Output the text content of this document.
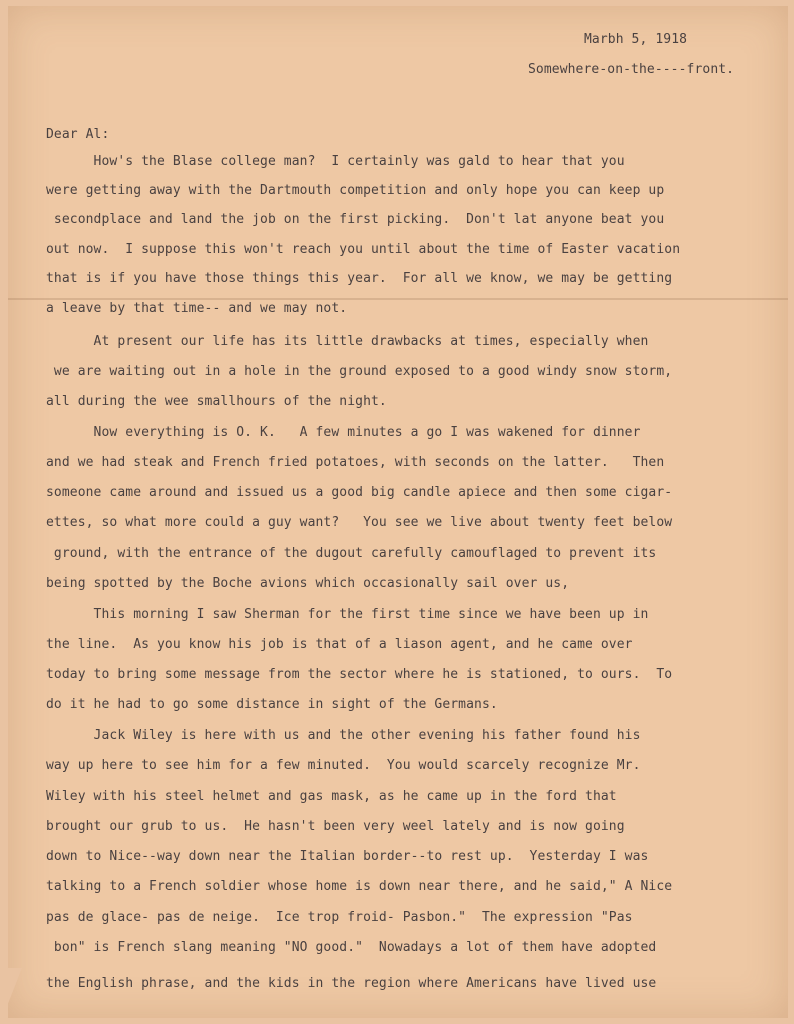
Marbh 5, 1918
Somewhere-on-the----front.
Dear Al:
How's the Blase college man?  I certainly was gald to hear that you
were getting away with the Dartmouth competition and only hope you can keep up
secondplace and land the job on the first picking.  Don't lat anyone beat you
out now.  I suppose this won't reach you until about the time of Easter vacation
that is if you have those things this year.  For all we know, we may be getting
a leave by that time-- and we may not.
At present our life has its little drawbacks at times, especially when
we are waiting out in a hole in the ground exposed to a good windy snow storm,
all during the wee smallhours of the night.
Now everything is O. K.   A few minutes a go I was wakened for dinner
and we had steak and French fried potatoes, with seconds on the latter.   Then
someone came around and issued us a good big candle apiece and then some cigar-
ettes, so what more could a guy want?   You see we live about twenty feet below
ground, with the entrance of the dugout carefully camouflaged to prevent its
being spotted by the Boche avions which occasionally sail over us,
This morning I saw Sherman for the first time since we have been up in
the line.  As you know his job is that of a liason agent, and he came over
today to bring some message from the sector where he is stationed, to ours.  To
do it he had to go some distance in sight of the Germans.
Jack Wiley is here with us and the other evening his father found his
way up here to see him for a few minuted.  You would scarcely recognize Mr.
Wiley with his steel helmet and gas mask, as he came up in the ford that
brought our grub to us.  He hasn't been very weel lately and is now going
down to Nice--way down near the Italian border--to rest up.  Yesterday I was
talking to a French soldier whose home is down near there, and he said," A Nice
pas de glace- pas de neige.  Ice trop froid- Pasbon."  The expression "Pas
bon" is French slang meaning "NO good."  Nowadays a lot of them have adopted
the English phrase, and the kids in the region where Americans have lived use
